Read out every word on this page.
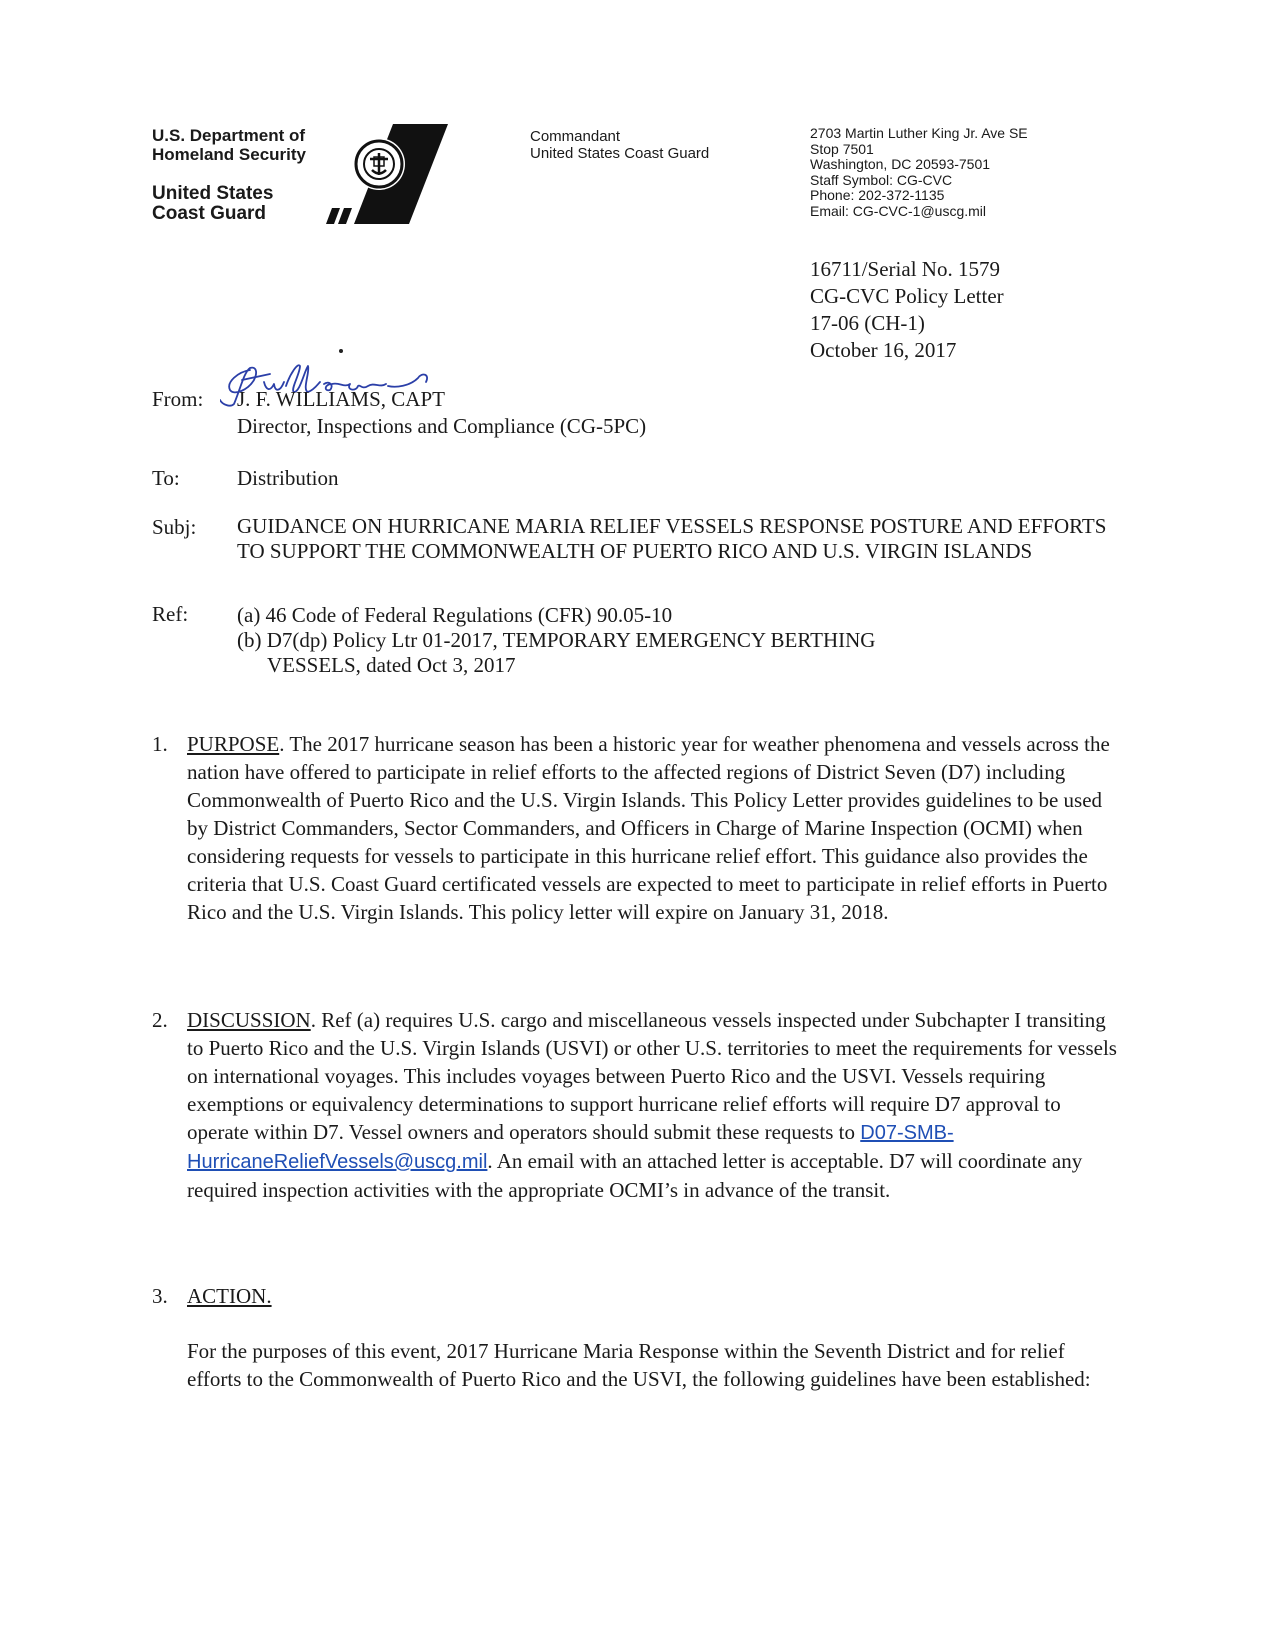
U.S. Department of
Homeland Security
United States
Coast Guard
Commandant
United States Coast Guard
2703 Martin Luther King Jr. Ave SE
Stop 7501
Washington, DC 20593-7501
Staff Symbol: CG-CVC
Phone: 202-372-1135
Email: CG-CVC-1@uscg.mil
16711/Serial No. 1579
CG-CVC Policy Letter
17-06 (CH-1)
October 16, 2017
From: J. F. WILLIAMS, CAPT
Director, Inspections and Compliance (CG-5PC)
To:	Distribution
Subj: GUIDANCE ON HURRICANE MARIA RELIEF VESSELS RESPONSE POSTURE AND EFFORTS TO SUPPORT THE COMMONWEALTH OF PUERTO RICO AND U.S. VIRGIN ISLANDS
Ref: (a) 46 Code of Federal Regulations (CFR) 90.05-10
(b) D7(dp) Policy Ltr 01-2017, TEMPORARY EMERGENCY BERTHING VESSELS, dated Oct 3, 2017
1. PURPOSE. The 2017 hurricane season has been a historic year for weather phenomena and vessels across the nation have offered to participate in relief efforts to the affected regions of District Seven (D7) including Commonwealth of Puerto Rico and the U.S. Virgin Islands. This Policy Letter provides guidelines to be used by District Commanders, Sector Commanders, and Officers in Charge of Marine Inspection (OCMI) when considering requests for vessels to participate in this hurricane relief effort. This guidance also provides the criteria that U.S. Coast Guard certificated vessels are expected to meet to participate in relief efforts in Puerto Rico and the U.S. Virgin Islands. This policy letter will expire on January 31, 2018.
2. DISCUSSION. Ref (a) requires U.S. cargo and miscellaneous vessels inspected under Subchapter I transiting to Puerto Rico and the U.S. Virgin Islands (USVI) or other U.S. territories to meet the requirements for vessels on international voyages. This includes voyages between Puerto Rico and the USVI. Vessels requiring exemptions or equivalency determinations to support hurricane relief efforts will require D7 approval to operate within D7. Vessel owners and operators should submit these requests to D07-SMB-HurricaneReliefVessels@uscg.mil. An email with an attached letter is acceptable. D7 will coordinate any required inspection activities with the appropriate OCMI’s in advance of the transit.
3. ACTION.
For the purposes of this event, 2017 Hurricane Maria Response within the Seventh District and for relief efforts to the Commonwealth of Puerto Rico and the USVI, the following guidelines have been established:
